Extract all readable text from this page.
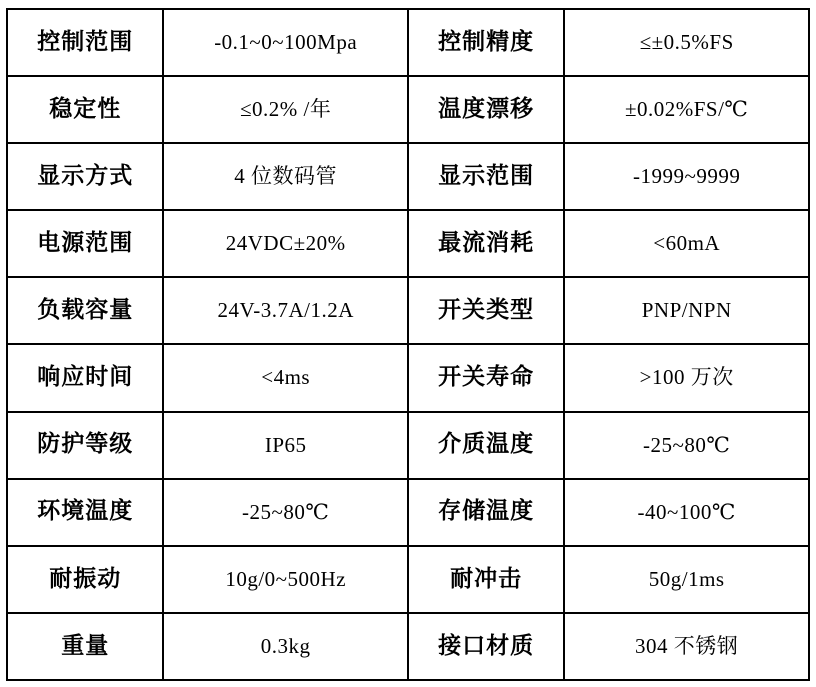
控制范围	-0.1~0~100Mpa	控制精度	≤±0.5%FS
稳定性	≤0.2% /年	温度漂移	±0.02%FS/℃
显示方式	4 位数码管	显示范围	-1999~9999
电源范围	24VDC±20%	最流消耗	<60mA
负载容量	24V-3.7A/1.2A	开关类型	PNP/NPN
响应时间	<4ms	开关寿命	>100 万次
防护等级	IP65	介质温度	-25~80℃
环境温度	-25~80℃	存储温度	-40~100℃
耐振动	10g/0~500Hz	耐冲击	50g/1ms
重量	0.3kg	接口材质	304 不锈钢
